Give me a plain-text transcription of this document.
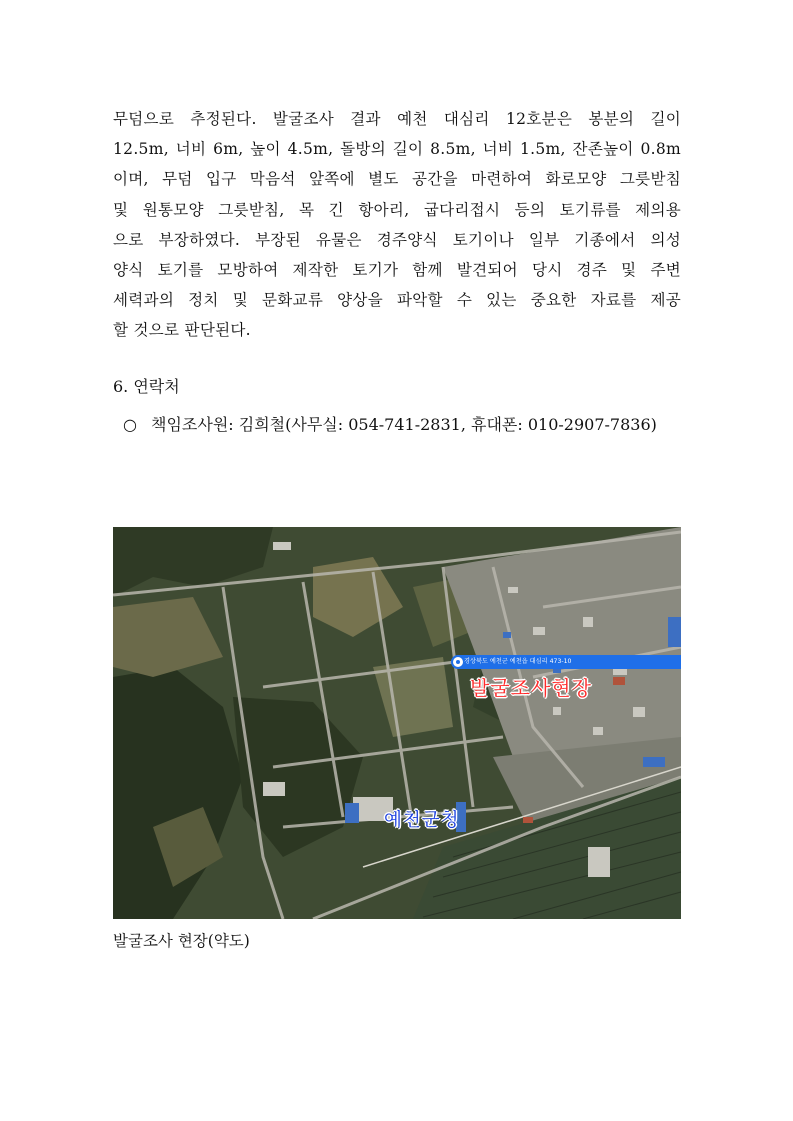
무덤으로 추정된다. 발굴조사 결과 예천 대심리 12호분은 봉분의 길이
12.5m, 너비 6m, 높이 4.5m, 돌방의 길이 8.5m, 너비 1.5m, 잔존높이 0.8m
이며, 무덤 입구 막음석 앞쪽에 별도 공간을 마련하여 화로모양 그릇받침
및 원통모양 그릇받침, 목 긴 항아리, 굽다리접시 등의 토기류를 제의용
으로 부장하였다. 부장된 유물은 경주양식 토기이나 일부 기종에서 의성
양식 토기를 모방하여 제작한 토기가 함께 발견되어 당시 경주 및 주변
세력과의 정치 및 문화교류 양상을 파악할 수 있는 중요한 자료를 제공
할 것으로 판단된다.
6. 연락처
○ 책임조사원: 김희철(사무실: 054-741-2831, 휴대폰: 010-2907-7836)
경상북도 예천군 예천읍 대심리 473-10
발굴조사현장
예천군청
발굴조사 현장(약도)
